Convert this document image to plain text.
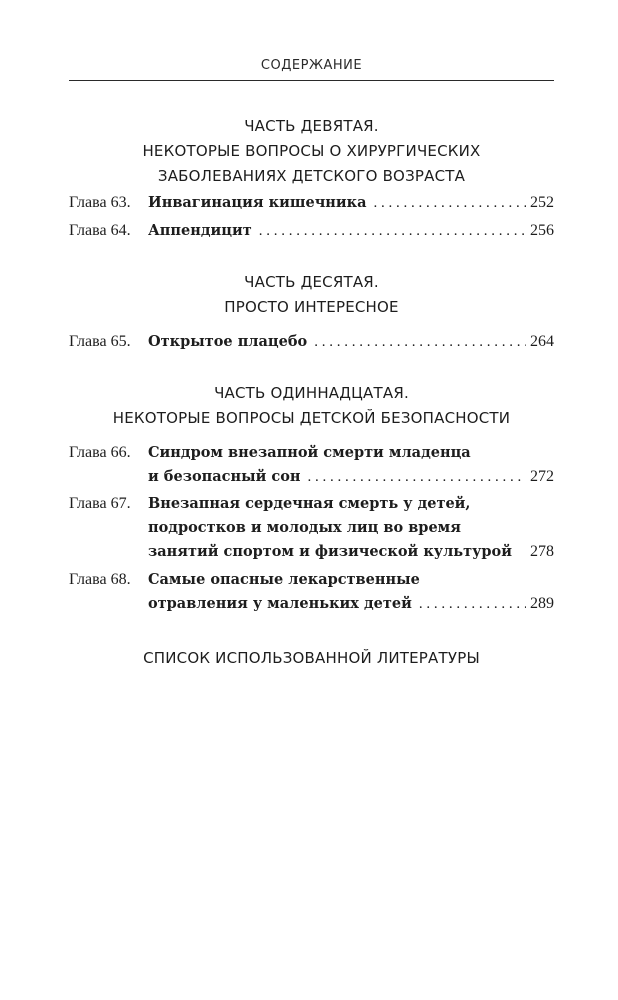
СОДЕРЖАНИЕ
ЧАСТЬ ДЕВЯТАЯ.
НЕКОТОРЫЕ ВОПРОСЫ О ХИРУРГИЧЕСКИХ
ЗАБОЛЕВАНИЯХ ДЕТСКОГО ВОЗРАСТА
Глава 63.	Инвагинация кишечника . . .	252
Глава 64.	Аппендицит . . .	256
ЧАСТЬ ДЕСЯТАЯ.
ПРОСТО ИНТЕРЕСНОЕ
Глава 65.	Открытое плацебо . . .	264
ЧАСТЬ ОДИННАДЦАТАЯ.
НЕКОТОРЫЕ ВОПРОСЫ ДЕТСКОЙ БЕЗОПАСНОСТИ
Глава 66.	Синдром внезапной смерти младенца
и безопасный сон . . .	272
Глава 67.	Внезапная сердечная смерть у детей,
подростков и молодых лиц во время
занятий спортом и физической культурой 278
Глава 68.	Самые опасные лекарственные
отравления у маленьких детей . . .	289
СПИСОК ИСПОЛЬЗОВАННОЙ ЛИТЕРАТУРЫ
